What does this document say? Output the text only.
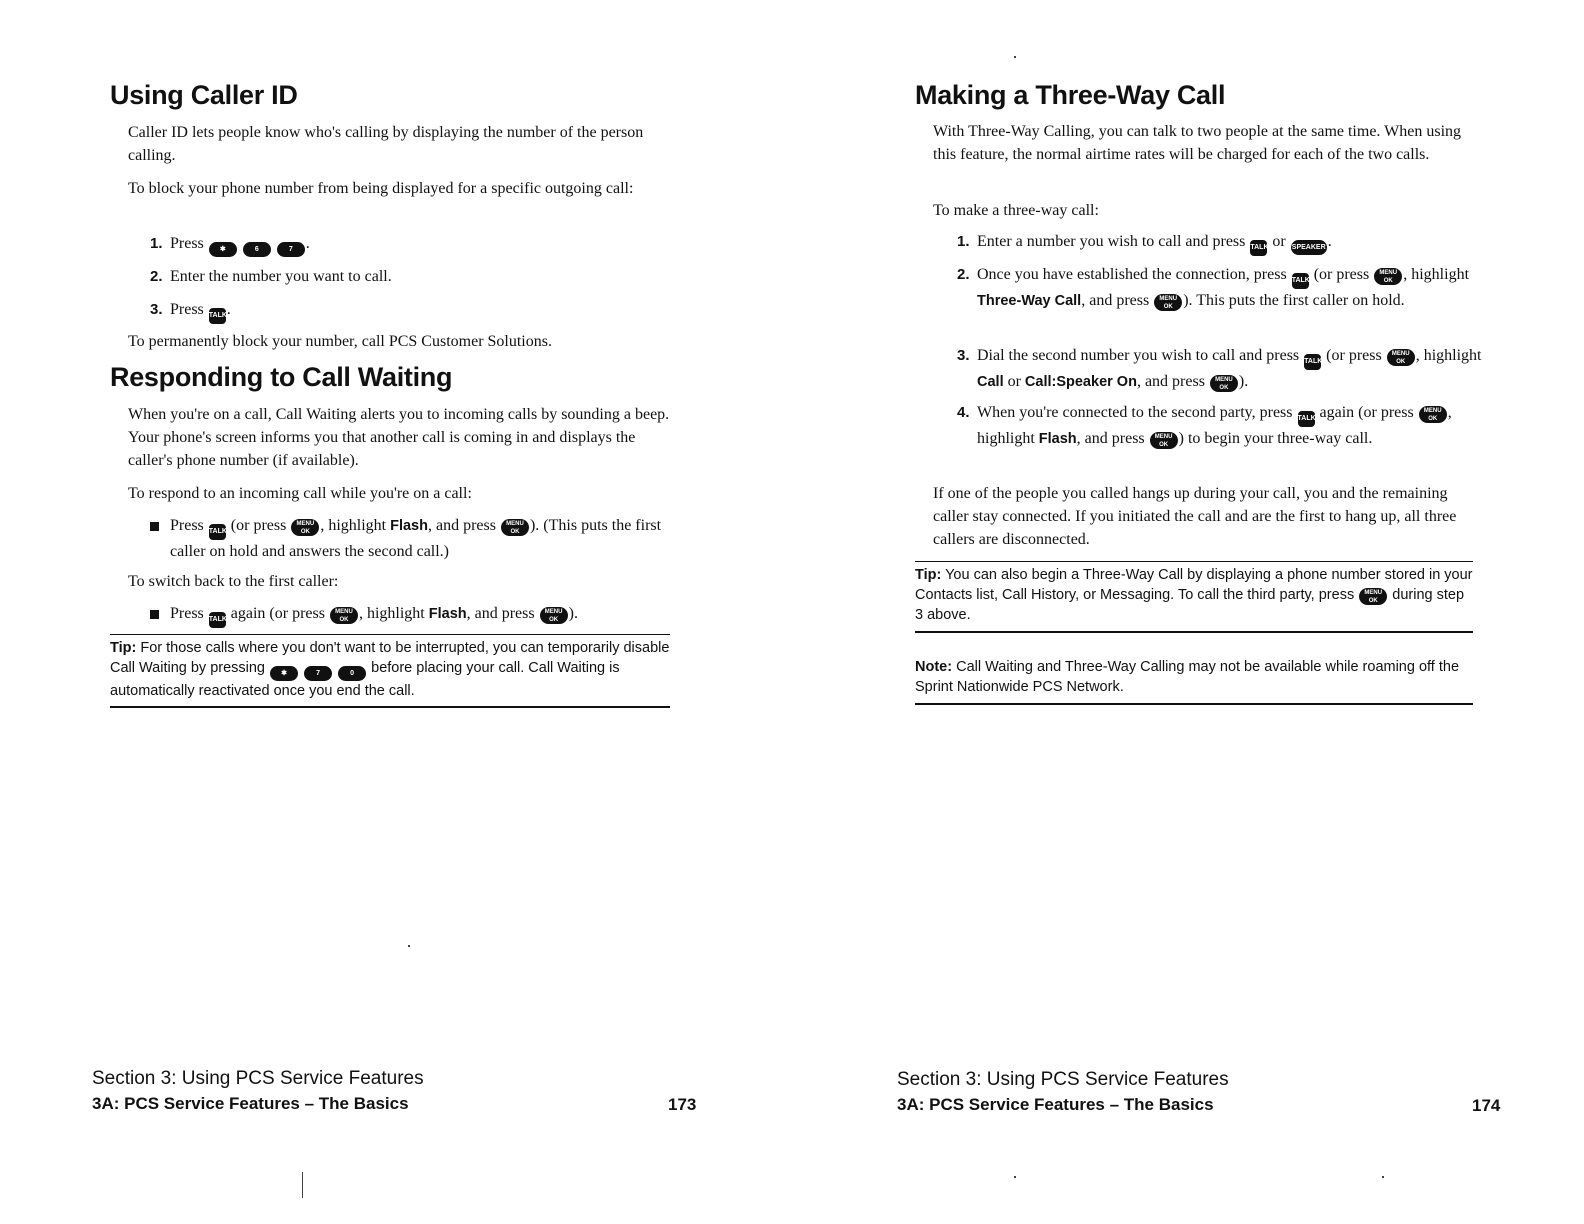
Using Caller ID

Caller ID lets people know who's calling by displaying the number of the person calling.

To block your phone number from being displayed for a specific outgoing call:

1. Press ✱	6	7 .
2. Enter the number you want to call.
3. Press TALK.

To permanently block your number, call PCS Customer Solutions.

Responding to Call Waiting

When you're on a call, Call Waiting alerts you to incoming calls by sounding a beep. Your phone's screen informs you that another call is coming in and displays the caller's phone number (if available).

To respond to an incoming call while you're on a call:

Press TALK (or press MENU OK , highlight Flash, and press MENU OK ). (This puts the first caller on hold and answers the second call.)

To switch back to the first caller:

Press TALK again (or press MENU OK , highlight Flash, and press MENU OK ).
Tip: For those calls where you don't want to be interrupted, you can temporarily disable Call Waiting by pressing ✱	7	0 before placing your call. Call Waiting is automatically reactivated once you end the call.
Section 3: Using PCS Service Features
3A: PCS Service Features – The Basics	173
Making a Three-Way Call

With Three-Way Calling, you can talk to two people at the same time. When using this feature, the normal airtime rates will be charged for each of the two calls.

To make a three-way call:

1. Enter a number you wish to call and press TALK or SPEAKER .
2. Once you have established the connection, press TALK (or press MENU OK , highlight Three-Way Call, and press MENU OK ). This puts the first caller on hold.
3. Dial the second number you wish to call and press TALK (or press MENU OK , highlight Call or Call:Speaker On, and press MENU OK ).
4. When you're connected to the second party, press TALK again (or press MENU OK , highlight Flash, and press MENU OK ) to begin your three-way call.

If one of the people you called hangs up during your call, you and the remaining caller stay connected. If you initiated the call and are the first to hang up, all three callers are disconnected.

Tip: You can also begin a Three-Way Call by displaying a phone number stored in your Contacts list, Call History, or Messaging. To call the third party, press MENU OK during step 3 above.
Note: Call Waiting and Three-Way Calling may not be available while roaming off the Sprint Nationwide PCS Network.
Section 3: Using PCS Service Features
3A: PCS Service Features – The Basics	174
